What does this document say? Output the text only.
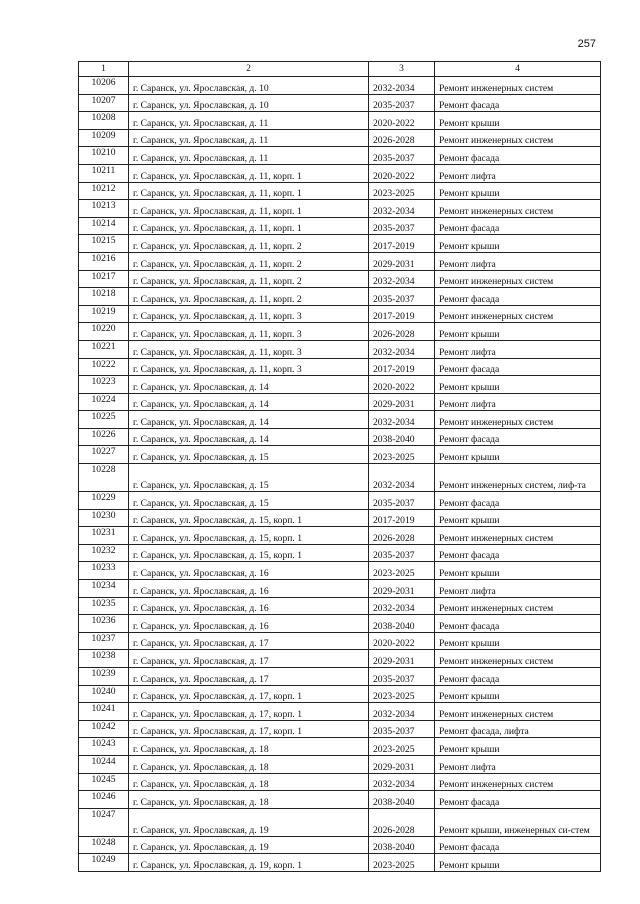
257
1	2	3	4
10206	г. Саранск, ул. Ярославская, д. 10	2032-2034	Ремонт инженерных систем
10207	г. Саранск, ул. Ярославская, д. 10	2035-2037	Ремонт фасада
10208	г. Саранск, ул. Ярославская, д. 11	2020-2022	Ремонт крыши
10209	г. Саранск, ул. Ярославская, д. 11	2026-2028	Ремонт инженерных систем
10210	г. Саранск, ул. Ярославская, д. 11	2035-2037	Ремонт фасада
10211	г. Саранск, ул. Ярославская, д. 11, корп. 1	2020-2022	Ремонт лифта
10212	г. Саранск, ул. Ярославская, д. 11, корп. 1	2023-2025	Ремонт крыши
10213	г. Саранск, ул. Ярославская, д. 11, корп. 1	2032-2034	Ремонт инженерных систем
10214	г. Саранск, ул. Ярославская, д. 11, корп. 1	2035-2037	Ремонт фасада
10215	г. Саранск, ул. Ярославская, д. 11, корп. 2	2017-2019	Ремонт крыши
10216	г. Саранск, ул. Ярославская, д. 11, корп. 2	2029-2031	Ремонт лифта
10217	г. Саранск, ул. Ярославская, д. 11, корп. 2	2032-2034	Ремонт инженерных систем
10218	г. Саранск, ул. Ярославская, д. 11, корп. 2	2035-2037	Ремонт фасада
10219	г. Саранск, ул. Ярославская, д. 11, корп. 3	2017-2019	Ремонт инженерных систем
10220	г. Саранск, ул. Ярославская, д. 11, корп. 3	2026-2028	Ремонт крыши
10221	г. Саранск, ул. Ярославская, д. 11, корп. 3	2032-2034	Ремонт лифта
10222	г. Саранск, ул. Ярославская, д. 11, корп. 3	2017-2019	Ремонт фасада
10223	г. Саранск, ул. Ярославская, д. 14	2020-2022	Ремонт крыши
10224	г. Саранск, ул. Ярославская, д. 14	2029-2031	Ремонт лифта
10225	г. Саранск, ул. Ярославская, д. 14	2032-2034	Ремонт инженерных систем
10226	г. Саранск, ул. Ярославская, д. 14	2038-2040	Ремонт фасада
10227	г. Саранск, ул. Ярославская, д. 15	2023-2025	Ремонт крыши
10228	г. Саранск, ул. Ярославская, д. 15	2032-2034	Ремонт инженерных систем, лиф-та
10229	г. Саранск, ул. Ярославская, д. 15	2035-2037	Ремонт фасада
10230	г. Саранск, ул. Ярославская, д. 15, корп. 1	2017-2019	Ремонт крыши
10231	г. Саранск, ул. Ярославская, д. 15, корп. 1	2026-2028	Ремонт инженерных систем
10232	г. Саранск, ул. Ярославская, д. 15, корп. 1	2035-2037	Ремонт фасада
10233	г. Саранск, ул. Ярославская, д. 16	2023-2025	Ремонт крыши
10234	г. Саранск, ул. Ярославская, д. 16	2029-2031	Ремонт лифта
10235	г. Саранск, ул. Ярославская, д. 16	2032-2034	Ремонт инженерных систем
10236	г. Саранск, ул. Ярославская, д. 16	2038-2040	Ремонт фасада
10237	г. Саранск, ул. Ярославская, д. 17	2020-2022	Ремонт крыши
10238	г. Саранск, ул. Ярославская, д. 17	2029-2031	Ремонт инженерных систем
10239	г. Саранск, ул. Ярославская, д. 17	2035-2037	Ремонт фасада
10240	г. Саранск, ул. Ярославская, д. 17, корп. 1	2023-2025	Ремонт крыши
10241	г. Саранск, ул. Ярославская, д. 17, корп. 1	2032-2034	Ремонт инженерных систем
10242	г. Саранск, ул. Ярославская, д. 17, корп. 1	2035-2037	Ремонт фасада, лифта
10243	г. Саранск, ул. Ярославская, д. 18	2023-2025	Ремонт крыши
10244	г. Саранск, ул. Ярославская, д. 18	2029-2031	Ремонт лифта
10245	г. Саранск, ул. Ярославская, д. 18	2032-2034	Ремонт инженерных систем
10246	г. Саранск, ул. Ярославская, д. 18	2038-2040	Ремонт фасада
10247	г. Саранск, ул. Ярославская, д. 19	2026-2028	Ремонт крыши, инженерных си-стем
10248	г. Саранск, ул. Ярославская, д. 19	2038-2040	Ремонт фасада
10249	г. Саранск, ул. Ярославская, д. 19, корп. 1	2023-2025	Ремонт крыши
